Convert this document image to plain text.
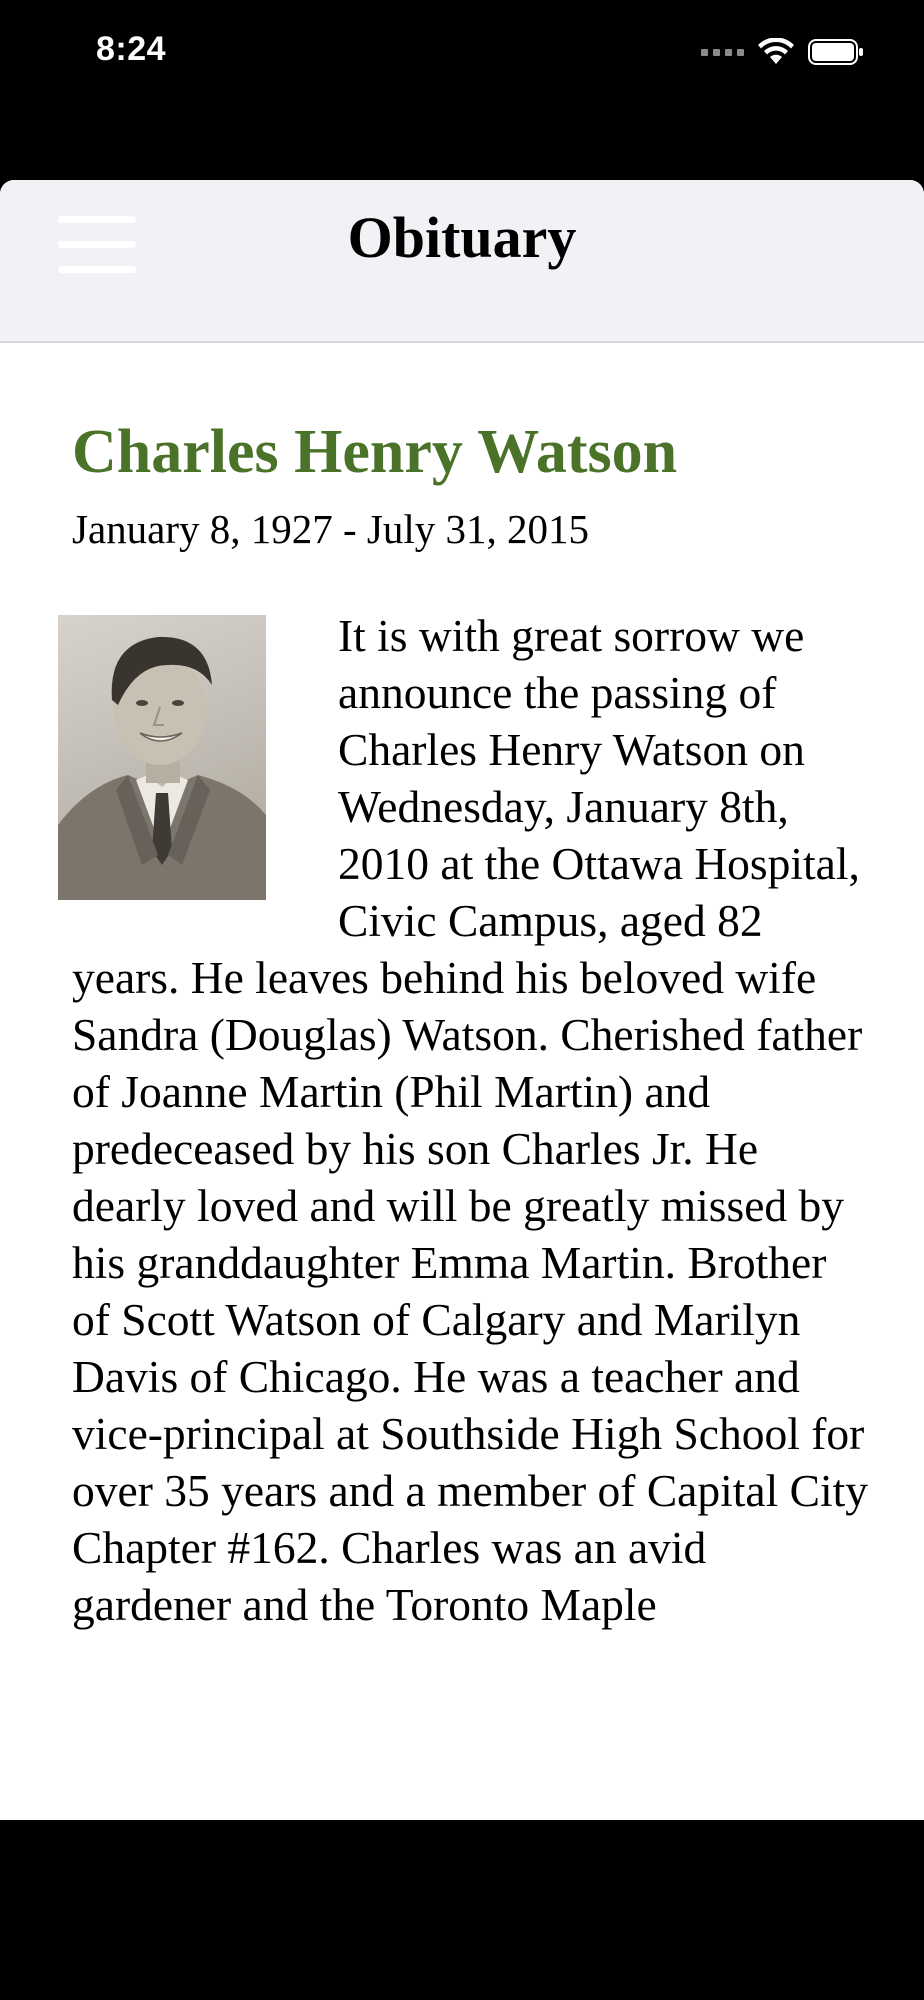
8:24
Obituary
Charles Henry Watson

January 8, 1927 - July 31, 2015

It is with great sorrow we announce the passing of Charles Henry Watson on Wednesday, January 8th, 2010 at the Ottawa Hospital, Civic Campus, aged 82 years. He leaves behind his beloved wife Sandra (Douglas) Watson. Cherished father of Joanne Martin (Phil Martin) and predeceased by his son Charles Jr. He dearly loved and will be greatly missed by his granddaughter Emma Martin. Brother of Scott Watson of Calgary and Marilyn Davis of Chicago. He was a teacher and vice-principal at Southside High School for over 35 years and a member of Capital City Chapter #162. Charles was an avid gardener and the Toronto Maple
